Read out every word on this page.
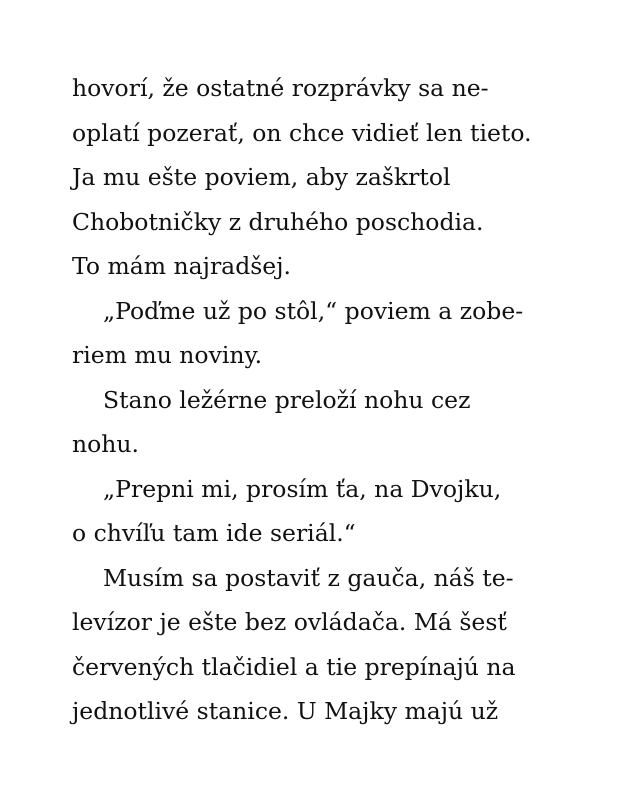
hovorí, že ostatné rozprávky sa ne-
oplatí pozerať, on chce vidieť len tieto.
Ja mu ešte poviem, aby zaškrtol
Chobotničky z druhého poschodia.
To mám najradšej.
„Poďme už po stôl,“ poviem a zobe-
riem mu noviny.
Stano ležérne preloží nohu cez
nohu.
„Prepni mi, prosím ťa, na Dvojku,
o chvíľu tam ide seriál.“
Musím sa postaviť z gauča, náš te-
levízor je ešte bez ovládača. Má šesť
červených tlačidiel a tie prepínajú na
jednotlivé stanice. U Majky majú už
